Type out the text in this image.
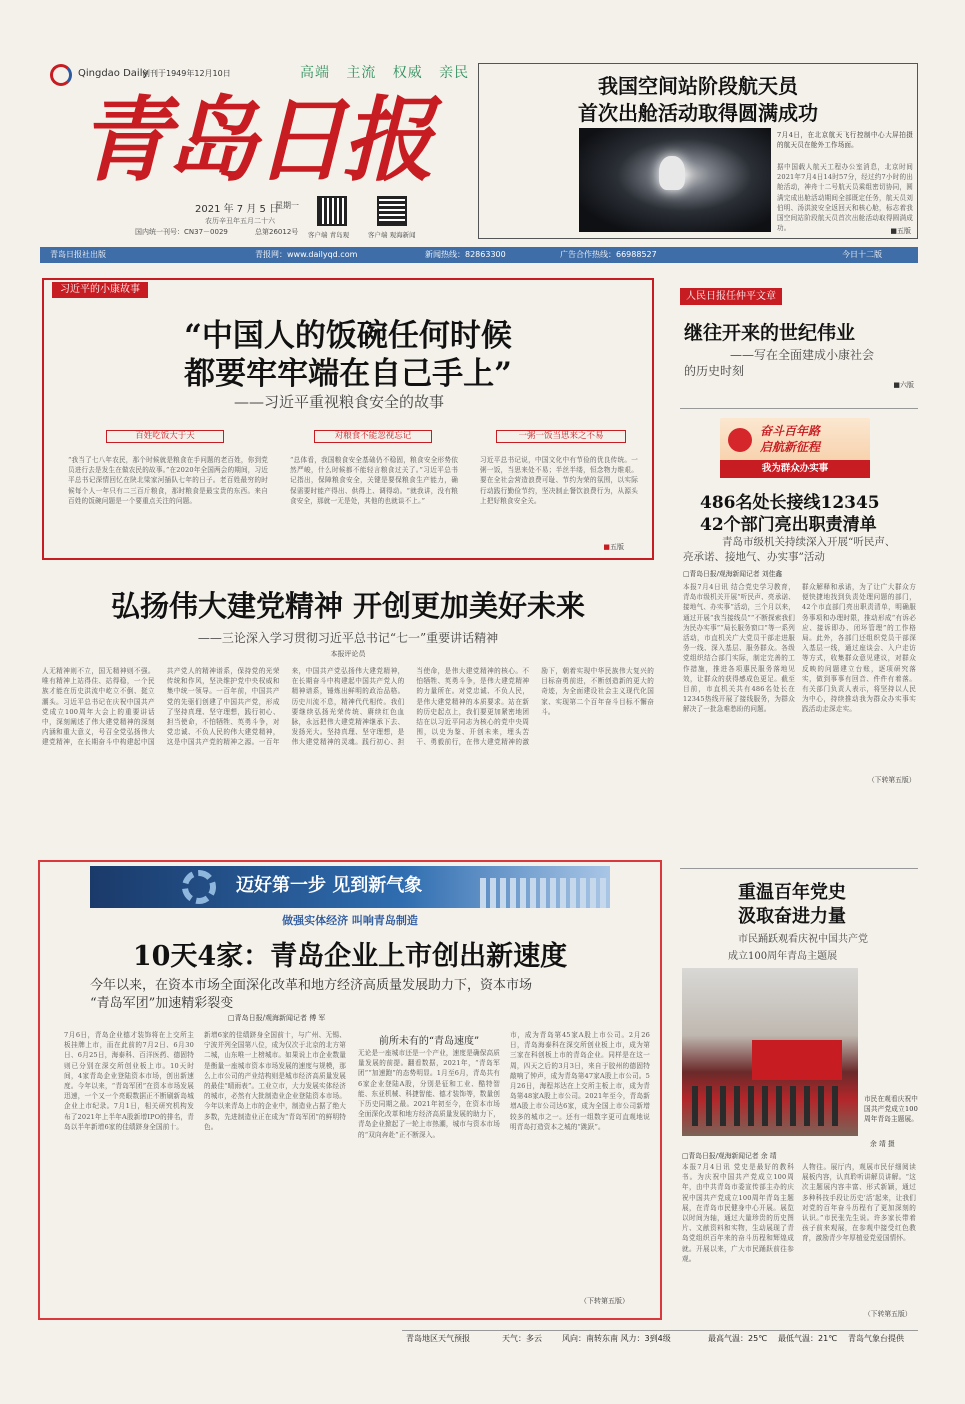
Qingdao Daily
创刊于1949年12月10日	高端 主流 权威 亲民
青岛日报
2021 年 7 月 5 日
星期一
农历辛丑年五月二十六
国内统一刊号：CN37－0029	总第26012号 客户端 青岛观	客户端 观海新闻
我国空间站阶段航天员
首次出舱活动取得圆满成功
7月4日，在北京航天飞行控制中心大屏拍摄的航天员在舱外工作场面。
据中国载人航天工程办公室消息，北京时间2021年7月4日14时57分，经过约7小时的出舱活动，神舟十二号航天员乘组密切协同，圆满完成出舱活动期间全部既定任务，航天员刘伯明、汤洪波安全返回天和核心舱，标志着我国空间站阶段航天员首次出舱活动取得圆满成功。	■五版
青岛日报社出版	青报网：www.dailyqd.com	新闻热线：82863300	广告合作热线：66988527	今日十二版
习近平的小康故事
“中国人的饭碗任何时候
都要牢牢端在自己手上”
——习近平重视粮食安全的故事
百姓吃饭大于天	对粮食不能忽视忘记	一粥一饭当思来之不易
“我当了七八年农民，那个时候就是粮食在手问题的老百姓，你到党员进行去是发生在做农民的故事。”在2020年全国两会的期间，习近平总书记深情回忆在陕北梁家河插队七年的日子。老百姓最穷的时候每个人一年只有二三百斤粮食，那时粮食是最宝贵的东西。来自百姓的饭碗问题是一个要重点关注的问题。
“总体看，我国粮食安全基础仍不稳固，粮食安全形势依然严峻，什么时候都不能轻言粮食过关了。”习近平总书记指出，保障粮食安全，关键是要保粮食生产能力，确保需要时能产得出、供得上、调得动。“就我讲，没有粮食安全，那就一无是处，其他的也就谈不上。”
习近平总书记说，中国文化中有节俭的优良传统。一粥一饭，当思来处不易；半丝半缕，恒念物力维艰。要在全社会营造浪费可耻、节约为荣的氛围，以实际行动践行勤俭节约，坚决制止餐饮浪费行为，从源头上把好粮食安全关。
■五版
弘扬伟大建党精神 开创更加美好未来
——三论深入学习贯彻习近平总书记“七一”重要讲话精神
本报评论员
人无精神则不立，国无精神则不强。唯有精神上站得住、站得稳，一个民族才能在历史洪流中屹立不倒、挺立潮头。习近平总书记在庆祝中国共产党成立100周年大会上的重要讲话中，深刻阐述了伟大建党精神的深刻内涵和重大意义，号召全党弘扬伟大建党精神，在长期奋斗中构建起中国共产党人的精神谱系，保持党的光荣传统和作风，坚决维护党中央权威和集中统一领导。一百年前，中国共产党的先驱们创建了中国共产党，形成了坚持真理、坚守理想，践行初心、担当使命，不怕牺牲、英勇斗争，对党忠诚、不负人民的伟大建党精神，这是中国共产党的精神之源。一百年来，中国共产党弘扬伟大建党精神，在长期奋斗中构建起中国共产党人的精神谱系，锤炼出鲜明的政治品格。历史川流不息，精神代代相传。我们要继续弘扬光荣传统、赓续红色血脉，永远把伟大建党精神继承下去、发扬光大。坚持真理、坚守理想，是伟大建党精神的灵魂。践行初心、担当使命，是伟大建党精神的核心。不怕牺牲、英勇斗争，是伟大建党精神的力量所在。对党忠诚、不负人民，是伟大建党精神的本质要求。站在新的历史起点上，我们要更加紧密地团结在以习近平同志为核心的党中央周围，以史为鉴、开创未来，埋头苦干、勇毅前行，在伟大建党精神的激励下，朝着实现中华民族伟大复兴的目标奋勇前进，不断创造新的更大的奇迹，为全面建设社会主义现代化国家、实现第二个百年奋斗目标不懈奋斗。
迈好第一步 见到新气象
做强实体经济 叫响青岛制造
10天4家：青岛企业上市创出新速度
今年以来，在资本市场全面深化改革和地方经济高质量发展助力下，资本市场
“青岛军团”加速精彩裂变
□青岛日报/观海新闻记者 傅 军
7月6日，青岛企业德才装饰将在上交所主板挂牌上市，而在此前的7月2日、6月30日、6月25日，海泰科、百洋医药、德固特则已分别在深交所创业板上市。10天时间，4家青岛企业登陆资本市场，创出新速度。今年以来，“青岛军团”在资本市场发展迅速，一个又一个亮眼数据正不断刷新岛城企业上市纪录。7月1日，相关研究机构发布了2021年上半年A股新增IPO的排名，青岛以半年新增6家的佳绩跻身全国前十。
新增6家的佳绩跻身全国前十，与广州、无锡、宁波并列全国第八位，成为仅次于北京的北方第二城，山东唯一上榜城市。如果说上市企业数量是衡量一座城市资本市场发展的速度与规模，那么上市公司的产业结构则是城市经济高质量发展的最佳“晴雨表”。工业立市，大力发展实体经济的城市，必然有大批制造业企业登陆资本市场。今年以来青岛上市的企业中，制造业占据了绝大多数，先进制造业正在成为“青岛军团”的鲜明特色。
前所未有的“青岛速度”
无论是一座城市还是一个产业，速度是确保高质量发展的前提。翻看数据，2021年，“青岛军团”“加速跑”的态势明显。1月至6月，青岛共有6家企业登陆A股，分别是征和工业、酷特智能、东亚机械、科捷智能、德才装饰等，数量创下历史同期之最。2021年初至今，在资本市场全面深化改革和地方经济高质量发展的助力下，青岛企业掀起了一轮上市热潮，城市与资本市场的“双向奔赴”正不断深入。
市，成为青岛第45家A股上市公司。2月26日，青岛海泰科在深交所创业板上市，成为第三家在科创板上市的青岛企业。同样是在这一周，四天之后的3月3日，来自于胶州的德固特敲响了钟声，成为青岛第47家A股上市公司。5月26日，海程邦达在上交所主板上市，成为青岛第48家A股上市公司。2021年至今，青岛新增A股上市公司达6家，成为全国上市公司新增较多的城市之一。还有一组数字更可直观地说明青岛打造资本之城的“跳跃”。
（下转第五版）
人民日报任仲平文章
继往开来的世纪伟业
——写在全面建成小康社会
的历史时刻
■六版
奋斗百年路
启航新征程
我为群众办实事
486名处长接线12345
42个部门亮出职责清单
青岛市级机关持续深入开展“听民声、
亮承诺、接地气、办实事”活动
□青岛日报/观海新闻记者 刘佳鑫
本报7月4日讯 结合党史学习教育，青岛市级机关开展“听民声、亮承诺、接地气、办实事”活动，三个月以来，通过开展“我当接线员”“不断探索我们为民办实事”“局长服务窗口”等一系列活动，市直机关广大党员干部走进服务一线、深入基层、服务群众。各级党组织结合部门实际，制定完善的工作措施，推进各项惠民服务落地见效，让群众的获得感成色更足。截至目前，市直机关共有486名处长在12345热线开展了接线服务，为群众解决了一批急难愁盼的问题。
群众解释和承诺，为了让广大群众方便快捷地找到负责处理问题的部门，42个市直部门亮出职责清单，明确服务事项和办理时限，推动形成“有诉必应、接诉即办、闭环管理”的工作格局。此外，各部门还组织党员干部深入基层一线，通过座谈会、入户走访等方式，收集群众意见建议，对群众反映的问题建立台账，逐项研究落实，做到事事有回音、件件有着落。有关部门负责人表示，将坚持以人民为中心，持续推动我为群众办实事实践活动走深走实。
（下转第五版）
重温百年党史
汲取奋进力量
市民踊跃观看庆祝中国共产党
成立100周年青岛主题展
市民在观看庆祝中国共产党成立100周年青岛主题展。
余 靖 摄
□青岛日报/观海新闻记者 余 靖
本报7月4日讯 党史是最好的教科书。为庆祝中国共产党成立100周年，由中共青岛市委宣传部主办的庆祝中国共产党成立100周年青岛主题展，在青岛市民健身中心开展。展览以时间为轴，通过大量珍贵的历史图片、文献资料和实物，生动展现了青岛党组织百年来的奋斗历程和辉煌成就。开展以来，广大市民踊跃前往参观。
人物往。展厅内，观展市民仔细阅读展板内容，认真聆听讲解员讲解。“这次主题展内容丰富、形式新颖，通过多种科技手段让历史‘活’起来，让我们对党的百年奋斗历程有了更加深刻的认识。”市民张先生说。许多家长带着孩子前来观展，在参观中接受红色教育，激励青少年厚植爱党爱国情怀。
（下转第五版）
青岛地区天气预报	天气：多云	风向：南转东南 风力：3到4级	最高气温：25℃ 最低气温：21℃ 青岛气象台提供
